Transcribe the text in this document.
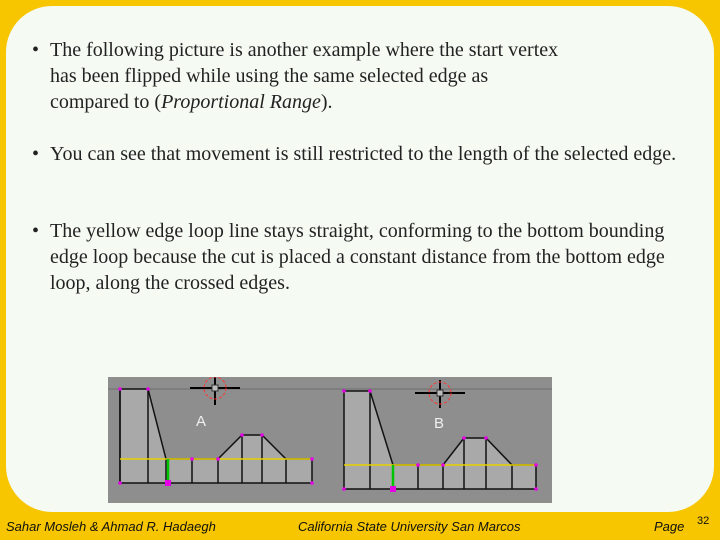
• The following picture is another example where the start vertex
has been flipped while using the same selected edge as
compared to (Proportional Range).
• You can see that movement is still restricted to the length of the selected edge.
• The yellow edge loop line stays straight, conforming to the bottom bounding edge loop because the cut is placed a constant distance from the bottom edge loop, along the crossed edges.
A	B
Sahar Mosleh & Ahmad R. Hadaegh	California State University San Marcos	Page 32
